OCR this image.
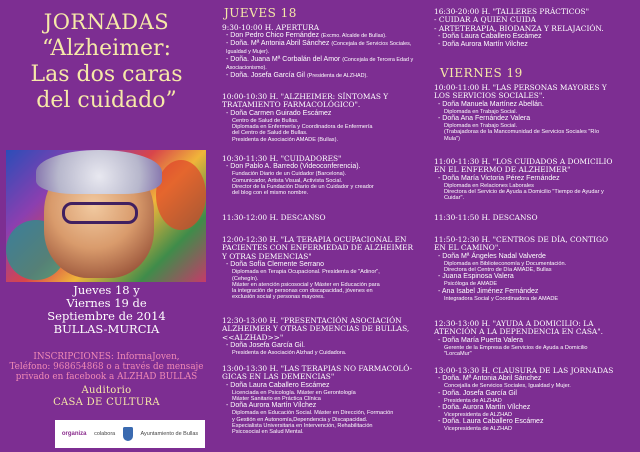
JORNADAS
“Alzheimer:
Las dos caras
del cuidado”
Jueves 18 y
Viernes 19 de
Septiembre de 2014
BULLAS-MURCIA
INSCRIPCIONES: InformaJoven,
Teléfono: 968654868 o a través de mensaje
privado en facebook a ALZHAD BULLAS
Auditorio
CASA DE CULTURA
organiza colabora	Ayuntamiento de Bullas
JUEVES 18
9:30-10:00 H. APERTURA
- Don Pedro Chico Fernández (Excmo. Alcalde de Bullas).
- Doña. Mª Antonia Abril Sánchez (Concejala de Servicios Sociales, Igualdad y Mujer).
- Doña. Juana Mª Corbalán del Amor (Concejala de Tercera Edad y Asociacionismo).
- Doña. Josefa García Gil (Presidenta de ALZHAD).
10:00-10:30 H. "ALZHEIMER: SÍNTOMAS Y
TRATAMIENTO FARMACOLÓGICO".
- Doña Carmen Guirado Escámez
Centro de Salud de Bullas.
Diplomada en Enfermería y Coordinadora de Enfermería
del Centro de Salud de Bullas.
Presidenta de Asociación AMADE (Bullas).
10:30-11:30 H. "CUIDADORES"
- Don Pablo A. Barredo (Videoconferencia).
Fundación Diario de un Cuidador (Barcelona).
Comunicador, Artista Visual, Activista Social.
Director de la Fundación Diario de un Cuidador y creador
del blog con el mismo nombre.
11:30-12:00 H. DESCANSO
12:00-12:30 H. "LA TERAPIA OCUPACIONAL EN
PACIENTES CON ENFERMEDAD DE ALZHEIMER
Y OTRAS DEMENCIAS"
- Doña Sofía Clemente Serrano
Diplomada en Terapia Ocupacional. Presidenta de "Adinor",
(Cehegín).
Máster en atención psicosocial y Máster en Educación para
la integración de personas con discapacidad, jóvenes en
exclusión social y personas mayores.
12:30-13:00 H. "PRESENTACIÓN ASOCIACIÓN
ALZHEIMER Y OTRAS DEMENCIAS DE BULLAS,
<<ALZHAD>>"
- Doña Josefa García Gil.
Presidenta de Asociación Alzhad y Cuidadora.
13:00-13:30 H. "LAS TERAPIAS NO FARMACOLÓ-
GICAS EN LAS DEMENCIAS"
- Doña Laura Caballero Escámez
Licenciada en Psicología. Máster en Gerontología
Máster Sanitario en Práctica Clínica
- Doña Aurora Martín Vílchez
Diplomada en Educación Social. Máster en Dirección, Formación
y Gestión en Autonomía,Dependencia y Discapacidad.
Especialista Universitaria en Intervención, Rehabilitación
Psicosocial en Salud Mental.
16:30-20:00 H. "TALLERES PRÁCTICOS"
- CUIDAR A QUIEN CUIDA
- ARTETERAPIA, BIODANZA Y RELAJACIÓN.
- Doña Laura Caballero Escámez
- Doña Aurora Martín Vilchez
VIERNES 19
10:00-11:00 H. "LAS PERSONAS MAYORES Y
LOS SERVICIOS SOCIALES".
- Doña Manuela Martínez Abellán.
Diplomada en Trabajo Social.
- Doña Ana Fernández Valera
Diplomada en Trabajo Social.
(Trabajadoras de la Mancomunidad de Servicios Sociales "Río
Mula")
11:00-11:30 H. "LOS CUIDADOS A DOMICILIO
EN EL ENFERMO DE ALZHEIMER"
- Doña María Victoria Pérez Fernández
Diplomada en Relaciones Laborales
Directora del Servicio de Ayuda a Domicilio "Tiempo de Ayudar y
Cuidar".
11:30-11:50 H. DESCANSO
11:50-12:30 H. "CENTROS DE DÍA, CONTIGO
EN EL CAMINO".
- Doña Mª Ángeles Nadal Valverde
Diplomada en Biblioteconomía y Documentación.
Directora del Centro de Día AMADE, Bullas
- Juana Espinosa Valera
Psicóloga de AMADE
- Ana Isabel Jiménez Fernández
Integradora Social y Coordinadora de AMADE
12:30-13:00 H. "AYUDA A DOMICILIO: LA
ATENCIÓN A LA DEPENDENCIA EN CASA".
- Doña María Puerta Valera
Gerente de la Empresa de Servicios de Ayuda a Domicilio
"LorcaMur"
13:00-13:30 H. CLAUSURA DE LAS JORNADAS
- Doña. Mª Antonia Abril Sánchez
Concejalía de Servicios Sociales, Igualdad y Mujer.
- Doña. Josefa García Gil
Presidenta de ALZHAD
- Doña. Aurora Martín Vílchez
Vicepresidenta de ALZHAD
- Doña. Laura Caballero Escámez
Vicepresidenta de ALZHAD
